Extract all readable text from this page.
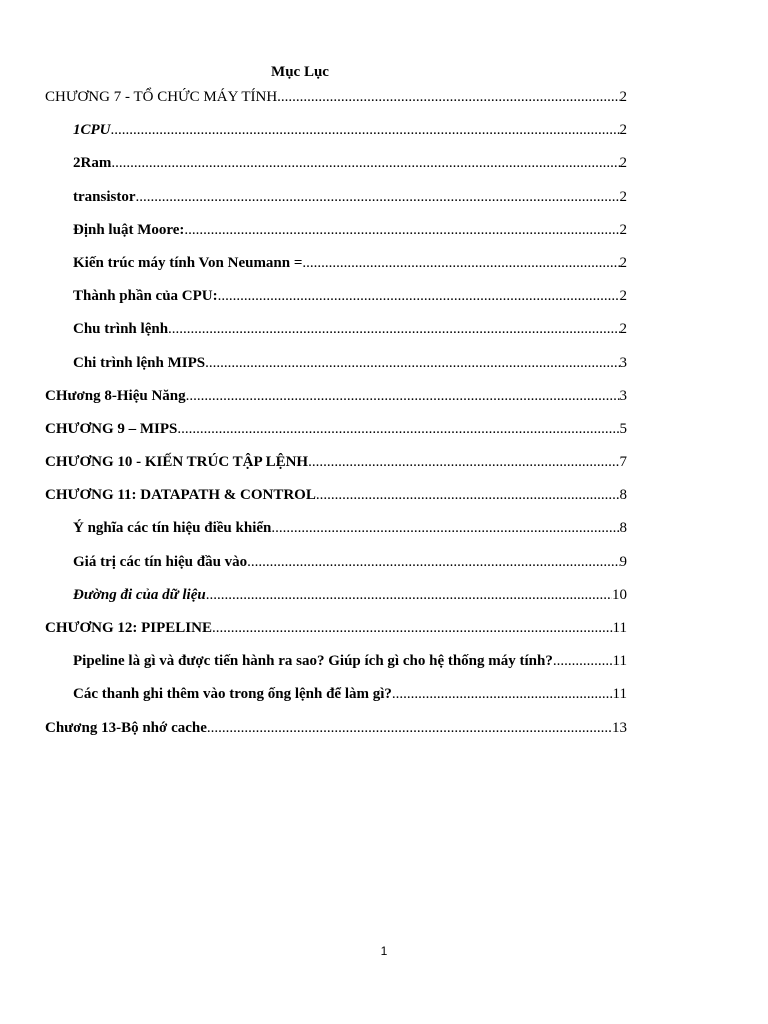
Mục Lục
CHƯƠNG 7 - TỔ CHỨC MÁY TÍNH .....	2
1CPU .....	2
2Ram .....	2
transistor .....	2
Định luật Moore: .....	2
Kiến trúc máy tính Von Neumann = .....	2
Thành phần của CPU: .....	2
Chu trình lệnh .....	2
Chi trình lệnh MIPS .....	3
CHương 8-Hiệu Năng .....	3
CHƯƠNG 9 – MIPS .....	5
CHƯƠNG 10 - KIẾN TRÚC TẬP LỆNH .....	7
CHƯƠNG 11: DATAPATH & CONTROL .....	8
Ý nghĩa các tín hiệu điều khiển .....	8
Giá trị các tín hiệu đầu vào .....	9
Đường đi của dữ liệu .....	10
CHƯƠNG 12: PIPELINE .....	11
Pipeline là gì và được tiến hành ra sao? Giúp ích gì cho hệ thống máy tính? .....	11
Các thanh ghi thêm vào trong ống lệnh để làm gì? .....	11
Chương 13-Bộ nhớ cache .....	13
1
